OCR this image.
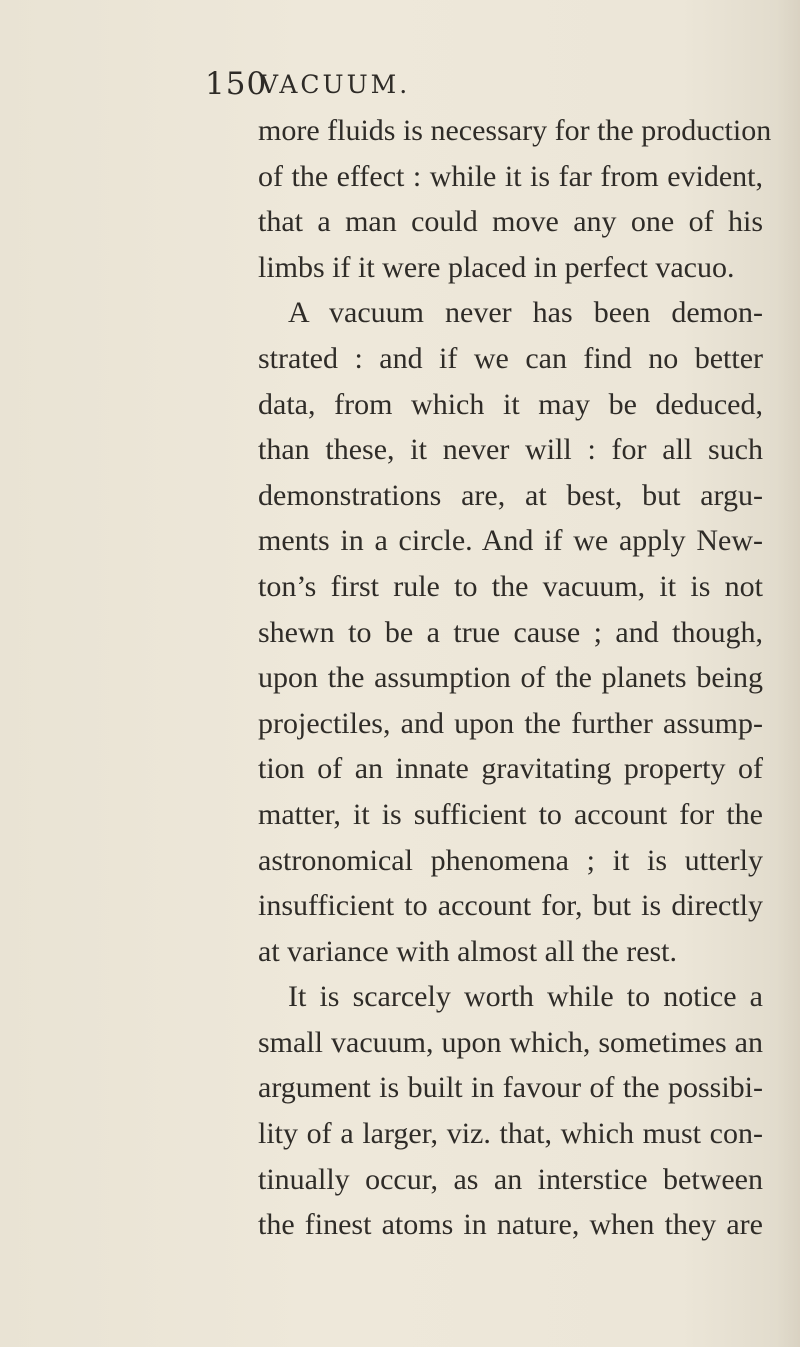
150
VACUUM.
more fluids is necessary for the production
of the effect : while it is far from evident,
that a man could move any one of his
limbs if it were placed in perfect vacuo.
A vacuum never has been demon-
strated : and if we can find no better
data, from which it may be deduced,
than these, it never will : for all such
demonstrations are, at best, but argu-
ments in a circle. And if we apply New-
ton’s first rule to the vacuum, it is not
shewn to be a true cause ; and though,
upon the assumption of the planets being
projectiles, and upon the further assump-
tion of an innate gravitating property of
matter, it is sufficient to account for the
astronomical phenomena ; it is utterly
insufficient to account for, but is directly
at variance with almost all the rest.
It is scarcely worth while to notice a
small vacuum, upon which, sometimes an
argument is built in favour of the possibi-
lity of a larger, viz. that, which must con-
tinually occur, as an interstice between
the finest atoms in nature, when they are
